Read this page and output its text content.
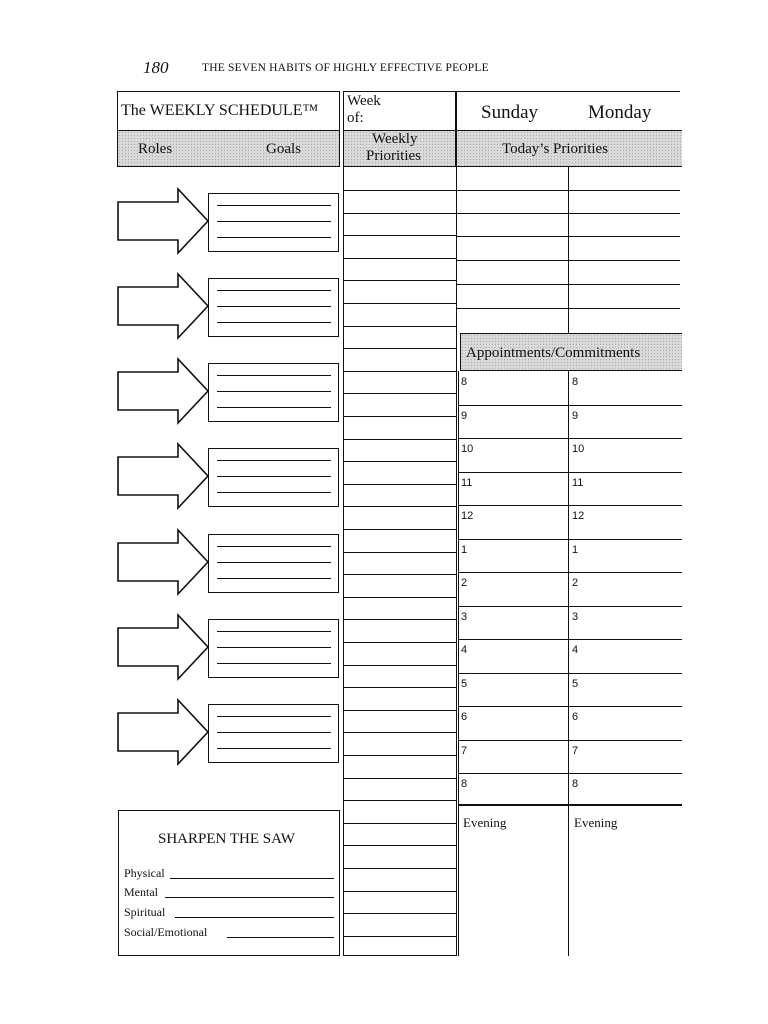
180	THE SEVEN HABITS OF HIGHLY EFFECTIVE PEOPLE
The WEEKLY SCHEDULE™
Roles	Goals
SHARPEN THE SAW
Physical
Mental
Spiritual
Social/Emotional
Week
of:
Weekly
Priorities
Sunday	Monday
Today’s Priorities
Appointments/Commitments
8	8
9	9
10	10
11	11
12	12
1	1
2	2
3	3
4	4
5	5
6	6
7	7
8	8
Evening	Evening
